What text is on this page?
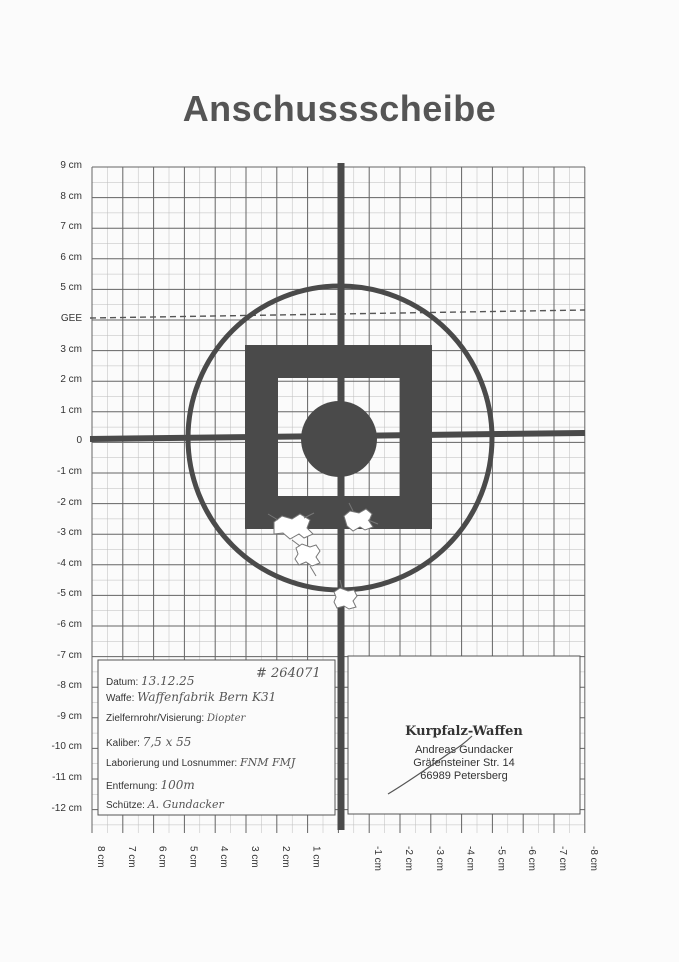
Anschussscheibe
9 cm
8 cm
7 cm
6 cm
5 cm
GEE
3 cm
2 cm
1 cm
0
-1 cm
-2 cm
-3 cm
-4 cm
-5 cm
-6 cm
-7 cm
-8 cm
-9 cm
-10 cm
-11 cm
-12 cm
8 cm	7 cm	6 cm	5 cm	4 cm	3 cm	2 cm	1 cm	-1 cm	-2 cm	-3 cm	-4 cm	-5 cm	-6 cm	-7 cm	-8 cm
Datum: 13.12.25	# 264071
Waffe: Waffenfabrik Bern K31
Zielfernrohr/Visierung: Diopter
Kaliber: 7,5 x 55
Laborierung und Losnummer: FNM FMJ
Entfernung: 100m
Schütze: A. Gundacker
Kurpfalz-Waffen
Andreas Gundacker
Gräfensteiner Str. 14
66989 Petersberg
